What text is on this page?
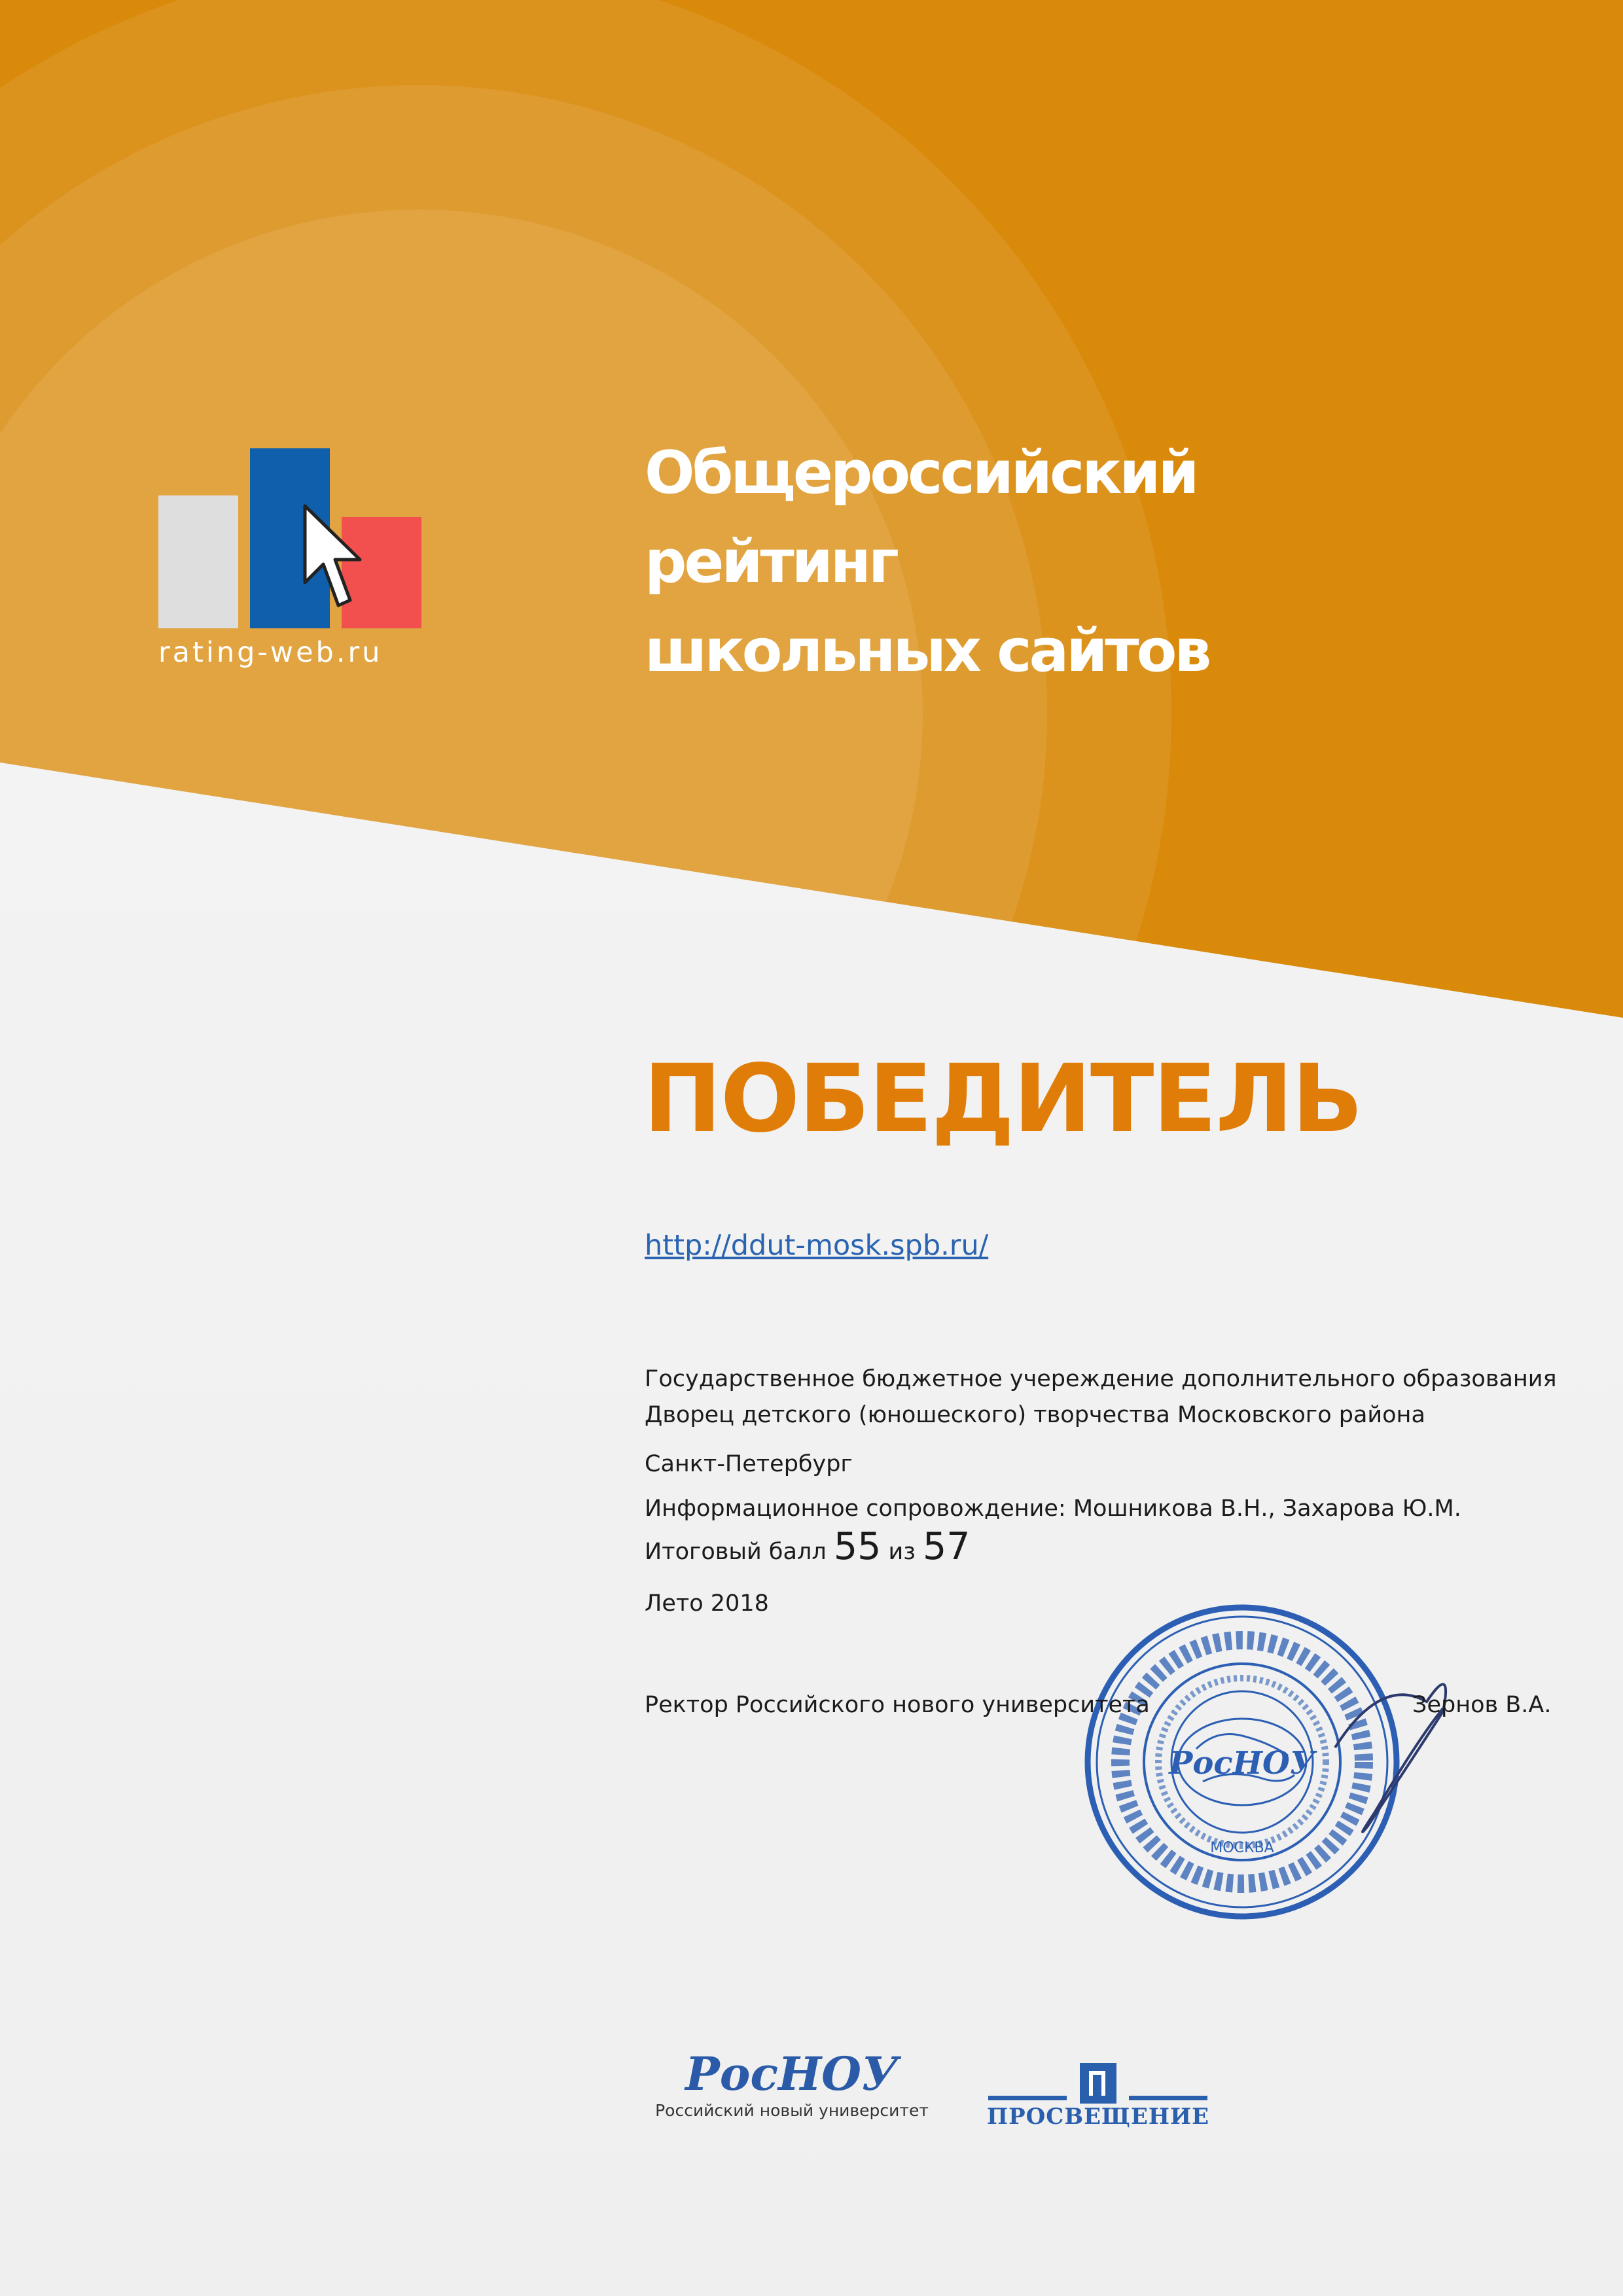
РосНОУ
МОСКВА
РосНОУ
rating-web.ru
Общероссийский
рейтинг
школьных сайтов
ПОБЕДИТЕЛЬ
http://ddut-mosk.spb.ru/
Государственное бюджетное учереждение дополнительного образования
Дворец детского (юношеского) творчества Московского района
Санкт-Петербург
Информационное сопровождение: Мошникова В.Н., Захарова Ю.М.
Итоговый балл 55 из 57
Лето 2018
Ректор Российского нового университета	Зернов В.А.
Российский новый университет	ПРОСВЕЩЕНИЕ
